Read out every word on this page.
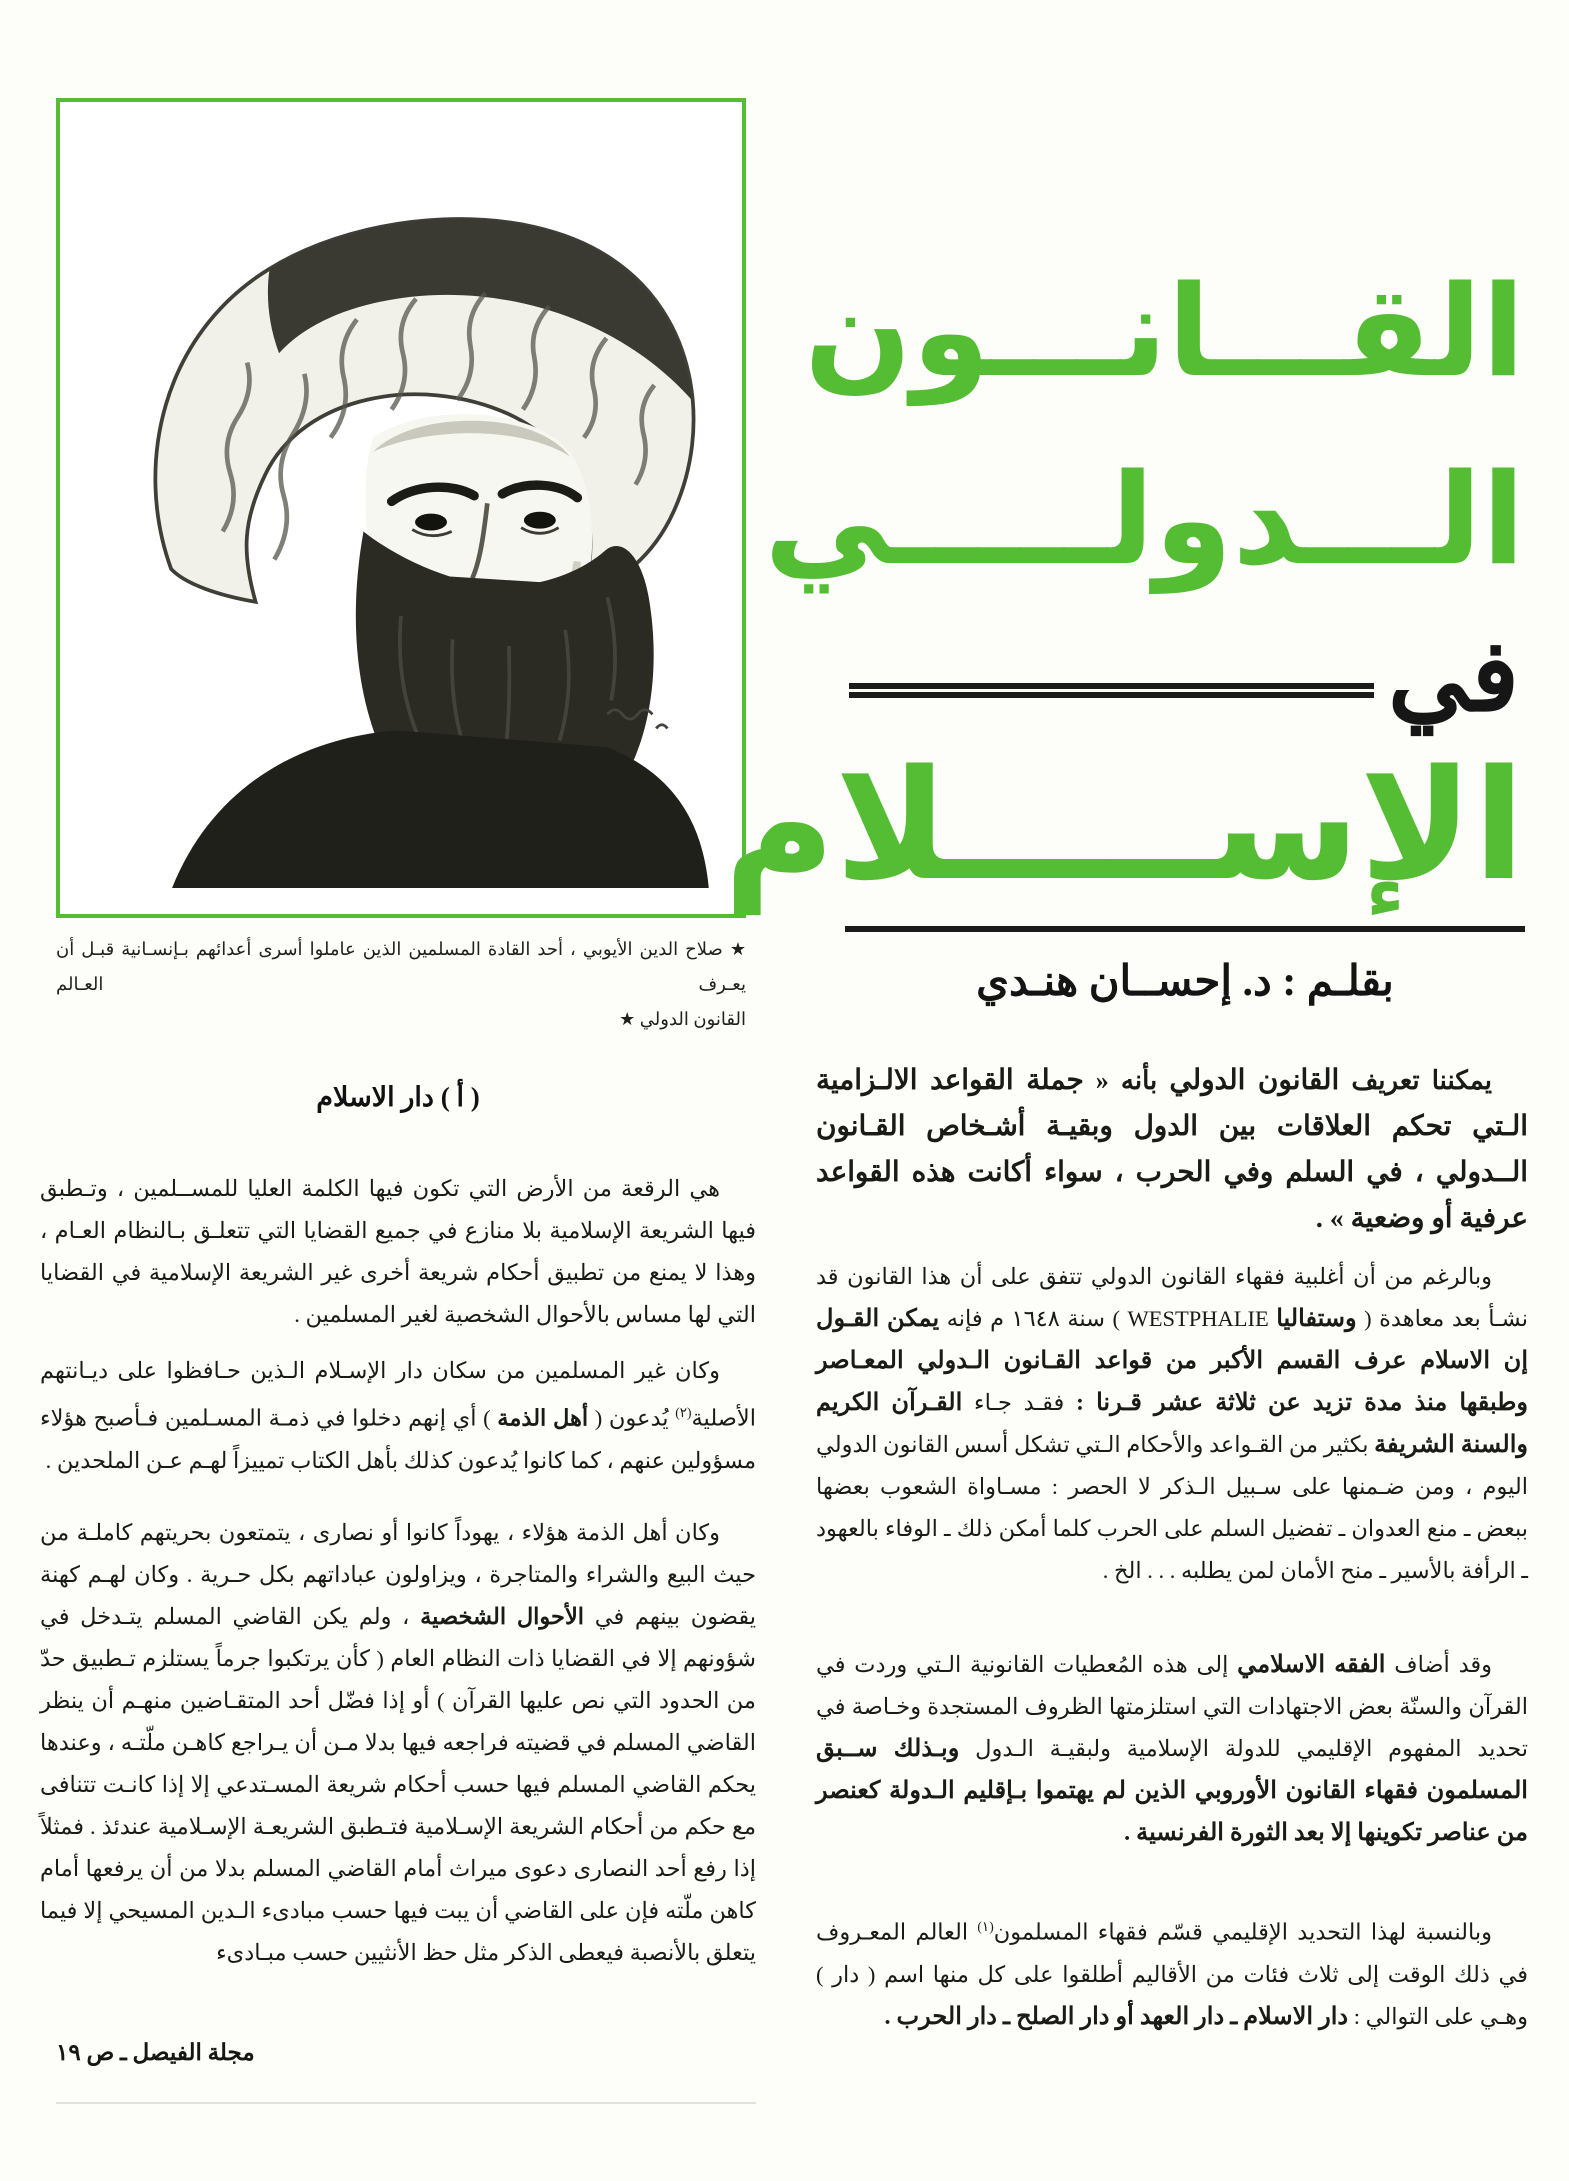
★ صلاح الدين الأيوبي ، أحد القادة المسلمين الذين عاملوا أسرى أعدائهم بـإنسـانية قبـل أن يعـرف العـالم
القانون الدولي ★
القـــانـــون
الـــدولـــــي
في
الإســـــلام
بقلـم : د. إحســان هنـدي

يمكننا تعريف القانون الدولي بأنه « جملة القواعد الالـزامية الـتي تحكم العلاقات بين الدول وبقيـة أشـخاص القـانون الــدولي ، في السلم وفي الحرب ، سواء أكانت هذه القواعد عرفية أو وضعية » .

وبالرغم من أن أغلبية فقهاء القانون الدولي تتفق على أن هذا القانون قد نشـأ بعد معاهدة ( وستفاليا WESTPHALIE ) سنة ١٦٤٨ م فإنه يمكن القـول إن الاسلام عرف القسم الأكبر من قواعد القـانون الـدولي المعـاصر وطبقها منذ مدة تزيد عن ثلاثة عشر قـرنا : فقـد جـاء القـرآن الكريم والسنة الشريفة بكثير من القـواعد والأحكام الـتي تشكل أسس القانون الدولي اليوم ، ومن ضـمنها على سـبيل الـذكر لا الحصر : مسـاواة الشعوب بعضها ببعض ـ منع العدوان ـ تفضيل السلم على الحرب كلما أمكن ذلك ـ الوفاء بالعهود ـ الرأفة بالأسير ـ منح الأمان لمن يطلبه . . . الخ .

وقد أضاف الفقه الاسلامي إلى هذه المُعطيات القانونية الـتي وردت في القرآن والسنّة بعض الاجتهادات التي استلزمتها الظروف المستجدة وخـاصة في تحديد المفهوم الإقليمي للدولة الإسلامية ولبقيـة الـدول وبـذلك ســبق المسلمون فقهاء القانون الأوروبي الذين لم يهتموا بـإقليم الـدولة كعنصر من عناصر تكوينها إلا بعد الثورة الفرنسية .

وبالنسبة لهذا التحديد الإقليمي قسّم فقهاء المسلمون$^{(١)}$ العالم المعـروف في ذلك الوقت إلى ثلاث فئات من الأقاليم أطلقوا على كل منها اسم ( دار ) وهـي على التوالي : دار الاسلام ـ دار العهد أو دار الصلح ـ دار الحرب .

( أ ) دار الاسلام

هي الرقعة من الأرض التي تكون فيها الكلمة العليا للمســلمين ، وتـطبق فيها الشريعة الإسلامية بلا منازع في جميع القضايا التي تتعلـق بـالنظام العـام ، وهذا لا يمنع من تطبيق أحكام شريعة أخرى غير الشريعة الإسلامية في القضايا التي لها مساس بالأحوال الشخصية لغير المسلمين .

وكان غير المسلمين من سكان دار الإسـلام الـذين حـافظوا على ديـانتهم الأصلية$^{(٢)}$ يُدعون ( أهل الذمة ) أي إنهم دخلوا في ذمـة المسـلمين فـأصبح هؤلاء مسؤولين عنهم ، كما كانوا يُدعون كذلك بأهل الكتاب تمييزاً لهـم عـن الملحدين .

وكان أهل الذمة هؤلاء ، يهوداً كانوا أو نصارى ، يتمتعون بحريتهم كاملـة من حيث البيع والشراء والمتاجرة ، ويزاولون عباداتهم بكل حـرية . وكان لهـم كهنة يقضون بينهم في الأحوال الشخصية ، ولم يكن القاضي المسلم يتـدخل في شؤونهم إلا في القضايا ذات النظام العام ( كأن يرتكبوا جرماً يستلزم تـطبيق حدّ من الحدود التي نص عليها القرآن ) أو إذا فضّل أحد المتقـاضين منهـم أن ينظر القاضي المسلم في قضيته فراجعه فيها بدلا مـن أن يـراجع كاهـن ملّتـه ، وعندها يحكم القاضي المسلم فيها حسب أحكام شريعة المسـتدعي إلا إذا كانـت تتنافى مع حكم من أحكام الشريعة الإسـلامية فتـطبق الشريعـة الإسـلامية عندئذ . فمثلاً إذا رفع أحد النصارى دعوى ميراث أمام القاضي المسلم بدلا من أن يرفعها أمام كاهن ملّته فإن على القاضي أن يبت فيها حسب مبادىء الـدين المسيحي إلا فيما يتعلق بالأنصبة فيعطى الذكر مثل حظ الأنثيين حسب مبـادىء

مجلة الفيصل ـ ص ١٩
